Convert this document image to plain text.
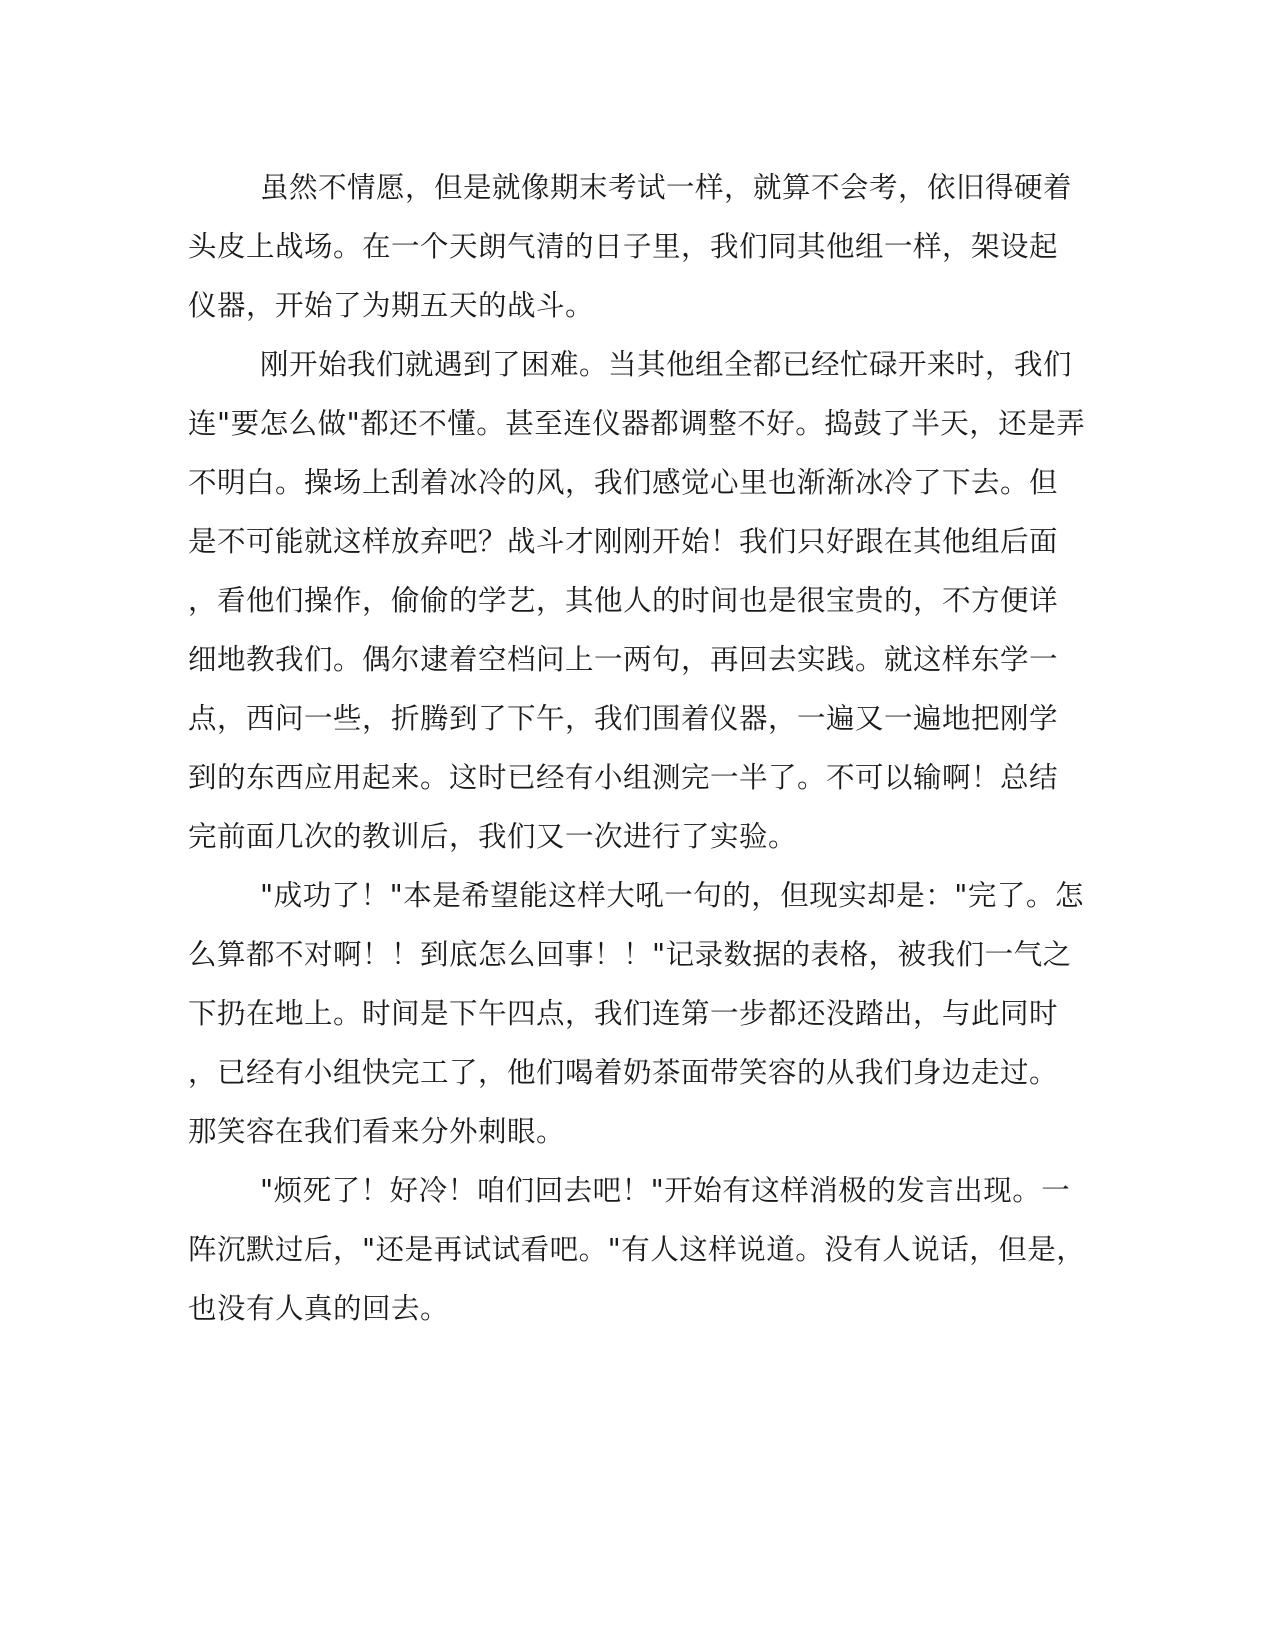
虽然不情愿，但是就像期末考试一样，就算不会考，依旧得硬着
头皮上战场。在一个天朗气清的日子里，我们同其他组一样，架设起
仪器，开始了为期五天的战斗。
刚开始我们就遇到了困难。当其他组全都已经忙碌开来时，我们
连"要怎么做"都还不懂。甚至连仪器都调整不好。捣鼓了半天，还是弄
不明白。操场上刮着冰冷的风，我们感觉心里也渐渐冰冷了下去。但
是不可能就这样放弃吧？战斗才刚刚开始！我们只好跟在其他组后面
，看他们操作，偷偷的学艺，其他人的时间也是很宝贵的，不方便详
细地教我们。偶尔逮着空档问上一两句，再回去实践。就这样东学一
点，西问一些，折腾到了下午，我们围着仪器，一遍又一遍地把刚学
到的东西应用起来。这时已经有小组测完一半了。不可以输啊！总结
完前面几次的教训后，我们又一次进行了实验。
"成功了！"本是希望能这样大吼一句的，但现实却是："完了。怎
么算都不对啊！！到底怎么回事！！"记录数据的表格，被我们一气之
下扔在地上。时间是下午四点，我们连第一步都还没踏出，与此同时
，已经有小组快完工了，他们喝着奶茶面带笑容的从我们身边走过。
那笑容在我们看来分外刺眼。
"烦死了！好冷！咱们回去吧！"开始有这样消极的发言出现。一
阵沉默过后，"还是再试试看吧。"有人这样说道。没有人说话，但是，
也没有人真的回去。
